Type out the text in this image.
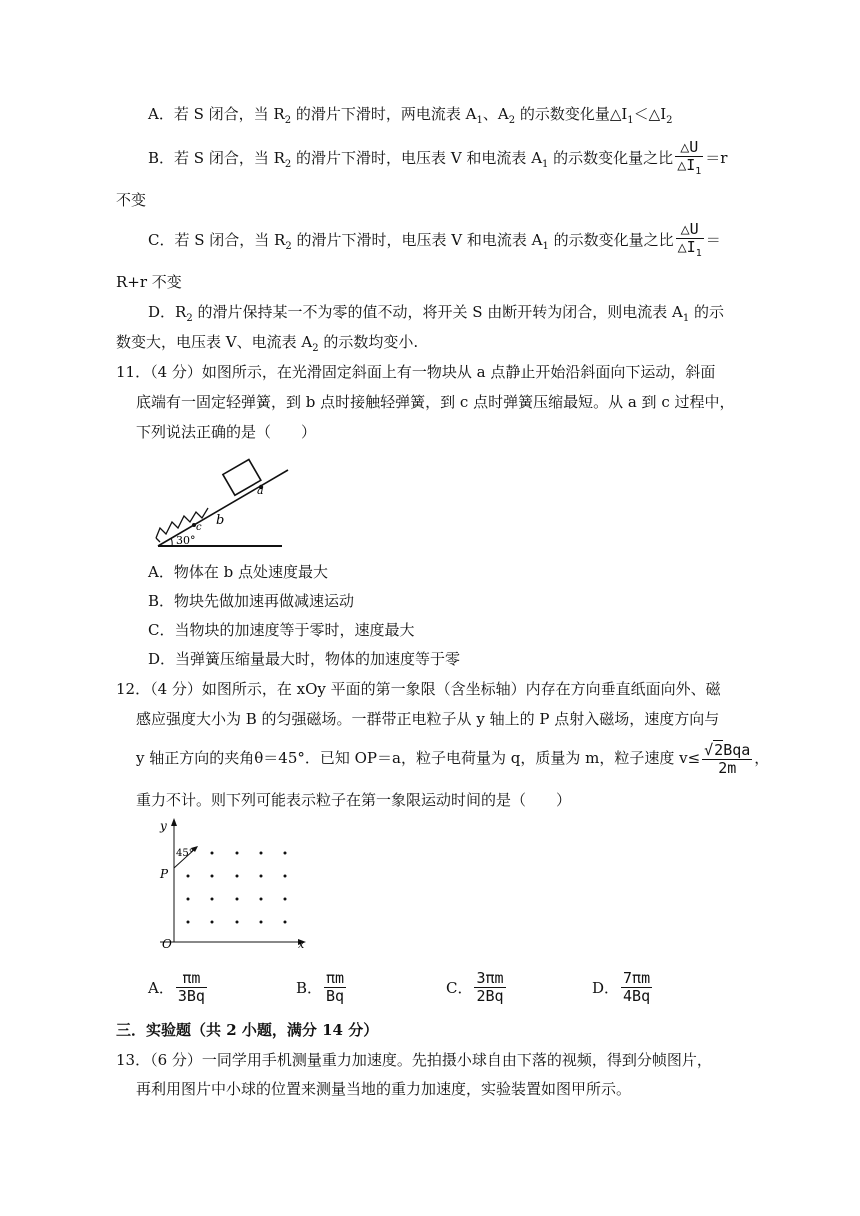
A．若 S 闭合，当 $R_2$ 的滑片下滑时，两电流表 $A_1$、$A_2$ 的示数变化量$\triangle I_1<\triangle I_2$
B．若 S 闭合，当 $R_2$ 的滑片下滑时，电压表 V 和电流表 $A_1$ 的示数变化量之比 $\frac{\triangle U}{\triangle I_1} =r$
不变
C．若 S 闭合，当 $R_2$ 的滑片下滑时，电压表 V 和电流表 $A_1$ 的示数变化量之比 $\frac{\triangle U}{\triangle I_1}$ ＝
R+r 不变
D．$R_2$ 的滑片保持某一不为零的值不动，将开关 S 由断开转为闭合，则电流表 $A_1$ 的示
数变大，电压表 V、电流表 $A_2$ 的示数均变小.
11．（4 分）如图所示，在光滑固定斜面上有一物块从 a 点静止开始沿斜面向下运动，斜面
底端有一固定轻弹簧，到 b 点时接触轻弹簧，到 c 点时弹簧压缩最短。从 a 到 c 过程中，
下列说法正确的是（　　）
a
b
c
30°
A．物体在 b 点处速度最大
B．物块先做加速再做减速运动
C．当物块的加速度等于零时，速度最大
D．当弹簧压缩量最大时，物体的加速度等于零
12．（4 分）如图所示，在 xOy 平面的第一象限（含坐标轴）内存在方向垂直纸面向外、磁
感应强度大小为 B 的匀强磁场。一群带正电粒子从 y 轴上的 P 点射入磁场，速度方向与
y 轴正方向的夹角θ＝45°．已知 OP＝a，粒子电荷量为 q，质量为 m，粒子速度 $v\le \frac{\text{√2Bqa}}{2m}$ ，
重力不计。则下列可能表示粒子在第一象限运动时间的是（　　）
y
x
O
P
45°
A． $\frac{\pi m}{3Bq}$	B． $\frac{\pi m}{Bq}$	C． $\frac{3\pi m}{2Bq}$	D． $\frac{7\pi m}{4Bq}$
三．实验题（共 2 小题，满分 14 分）
13．（6 分）一同学用手机测量重力加速度。先拍摄小球自由下落的视频，得到分帧图片，
再利用图片中小球的位置来测量当地的重力加速度，实验装置如图甲所示。
